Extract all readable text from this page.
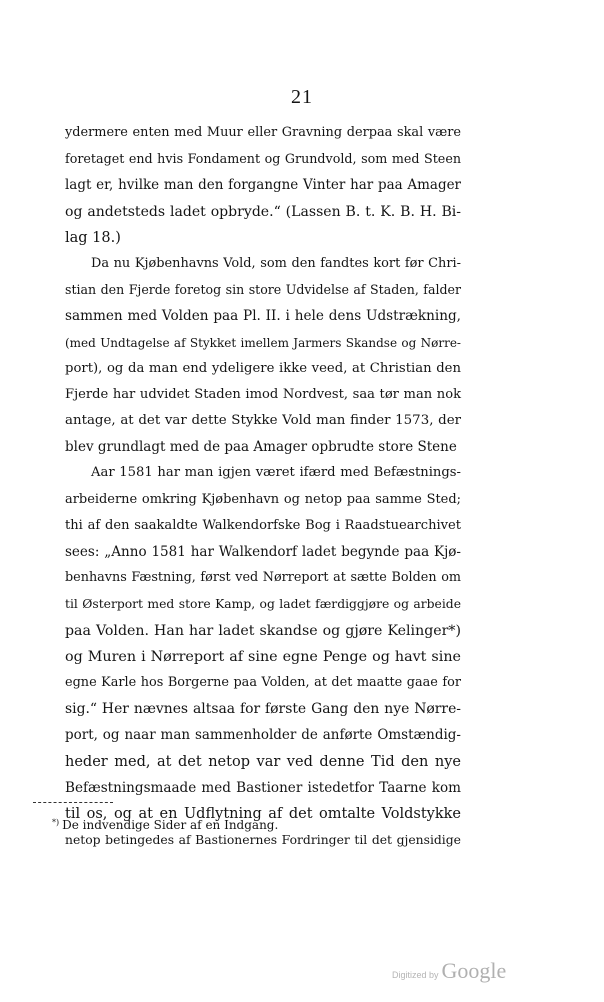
21
ydermere enten med Muur eller Gravning derpaa skal være
foretaget end hvis Fondament og Grundvold, som med Steen
lagt er, hvilke man den forgangne Vinter har paa Amager
og andetsteds ladet opbryde.“ (Lassen B. t. K. B. H. Bi-
lag 18.)
Da nu Kjøbenhavns Vold, som den fandtes kort før Chri-
stian den Fjerde foretog sin store Udvidelse af Staden, falder
sammen med Volden paa Pl. II. i hele dens Udstrækning,
(med Undtagelse af Stykket imellem Jarmers Skandse og Nørre-
port), og da man end ydeligere ikke veed, at Christian den
Fjerde har udvidet Staden imod Nordvest, saa tør man nok
antage, at det var dette Stykke Vold man finder 1573, der
blev grundlagt med de paa Amager opbrudte store Stene
Aar 1581 har man igjen været ifærd med Befæstnings-
arbeiderne omkring Kjøbenhavn og netop paa samme Sted;
thi af den saakaldte Walkendorfske Bog i Raadstuearchivet
sees: „Anno 1581 har Walkendorf ladet begynde paa Kjø-
benhavns Fæstning, først ved Nørreport at sætte Bolden om
til Østerport med store Kamp, og ladet færdiggjøre og arbeide
paa Volden. Han har ladet skandse og gjøre Kelinger*)
og Muren i Nørreport af sine egne Penge og havt sine
egne Karle hos Borgerne paa Volden, at det maatte gaae for
sig.“ Her nævnes altsaa for første Gang den nye Nørre-
port, og naar man sammenholder de anførte Omstændig-
heder med, at det netop var ved denne Tid den nye
Befæstningsmaade med Bastioner istedetfor Taarne kom
til os, og at en Udflytning af det omtalte Voldstykke
netop betingedes af Bastionernes Fordringer til det gjensidige
*) De indvendige Sider af en Indgang.
Digitized by Google
